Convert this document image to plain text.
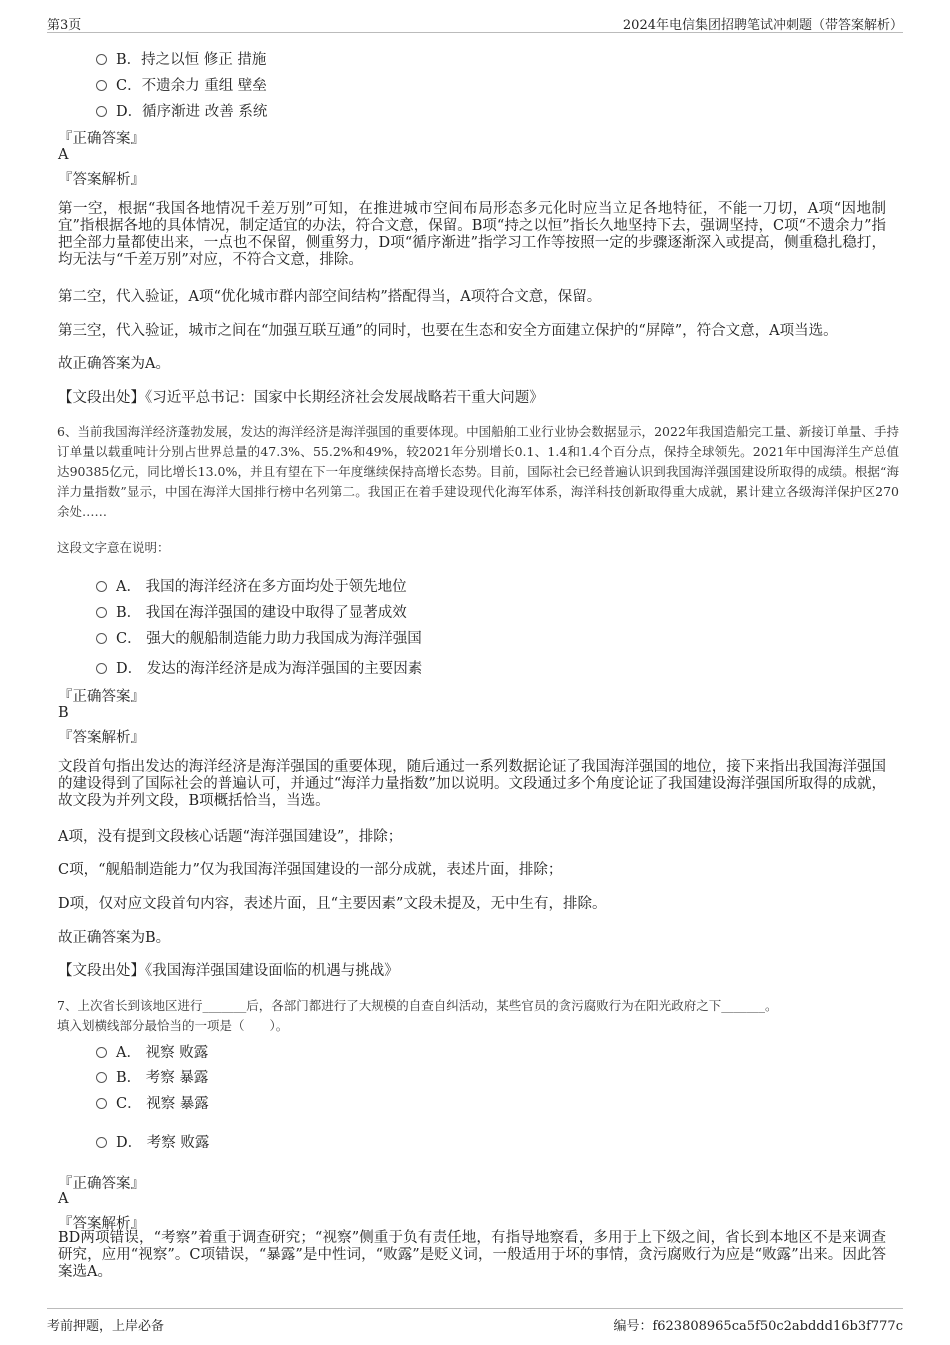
第3页	2024年电信集团招聘笔试冲刺题（带答案解析）
B．持之以恒 修正 措施
C．不遗余力 重组 壁垒
D．循序渐进 改善 系统
『正确答案』
A
『答案解析』
第一空，根据“我国各地情况千差万别”可知，在推进城市空间布局形态多元化时应当立足各地特征，不能一刀切，A项“因地制宜”指根据各地的具体情况，制定适宜的办法，符合文意，保留。B项“持之以恒”指长久地坚持下去，强调坚持，C项“不遗余力”指把全部力量都使出来，一点也不保留，侧重努力，D项“循序渐进”指学习工作等按照一定的步骤逐渐深入或提高，侧重稳扎稳打，均无法与“千差万别”对应，不符合文意，排除。
第二空，代入验证，A项“优化城市群内部空间结构”搭配得当，A项符合文意，保留。
第三空，代入验证，城市之间在“加强互联互通”的同时，也要在生态和安全方面建立保护的“屏障”，符合文意，A项当选。
故正确答案为A。
【文段出处】《习近平总书记：国家中长期经济社会发展战略若干重大问题》
6、当前我国海洋经济蓬勃发展，发达的海洋经济是海洋强国的重要体现。中国船舶工业行业协会数据显示，2022年我国造船完工量、新接订单量、手持订单量以载重吨计分别占世界总量的47.3%、55.2%和49%，较2021年分别增长0.1、1.4和1.4个百分点，保持全球领先。2021年中国海洋生产总值达90385亿元，同比增长13.0%，并且有望在下一年度继续保持高增长态势。目前，国际社会已经普遍认识到我国海洋强国建设所取得的成绩。根据“海洋力量指数”显示，中国在海洋大国排行榜中名列第二。我国正在着手建设现代化海军体系，海洋科技创新取得重大成就，累计建立各级海洋保护区270余处……
这段文字意在说明：
A． 我国的海洋经济在多方面均处于领先地位
B． 我国在海洋强国的建设中取得了显著成效
C． 强大的舰船制造能力助力我国成为海洋强国
D． 发达的海洋经济是成为海洋强国的主要因素
『正确答案』
B
『答案解析』
文段首句指出发达的海洋经济是海洋强国的重要体现，随后通过一系列数据论证了我国海洋强国的地位，接下来指出我国海洋强国的建设得到了国际社会的普遍认可，并通过“海洋力量指数”加以说明。文段通过多个角度论证了我国建设海洋强国所取得的成就，故文段为并列文段，B项概括恰当，当选。
A项，没有提到文段核心话题“海洋强国建设”，排除；
C项，“舰船制造能力”仅为我国海洋强国建设的一部分成就，表述片面，排除；
D项，仅对应文段首句内容，表述片面，且“主要因素”文段未提及，无中生有，排除。
故正确答案为B。
【文段出处】《我国海洋强国建设面临的机遇与挑战》
7、上次省长到该地区进行_______后，各部门都进行了大规模的自查自纠活动，某些官员的贪污腐败行为在阳光政府之下_______。
填入划横线部分最恰当的一项是（　　）。
A． 视察 败露
B． 考察 暴露
C． 视察 暴露
D． 考察 败露
『正确答案』
A
『答案解析』
BD两项错误，“考察”着重于调查研究；“视察”侧重于负有责任地，有指导地察看，多用于上下级之间，省长到本地区不是来调查研究，应用“视察”。C项错误，“暴露”是中性词，“败露”是贬义词，一般适用于坏的事情，贪污腐败行为应是“败露”出来。因此答案选A。
考前押题，上岸必备	编号：f623808965ca5f50c2abddd16b3f777c
